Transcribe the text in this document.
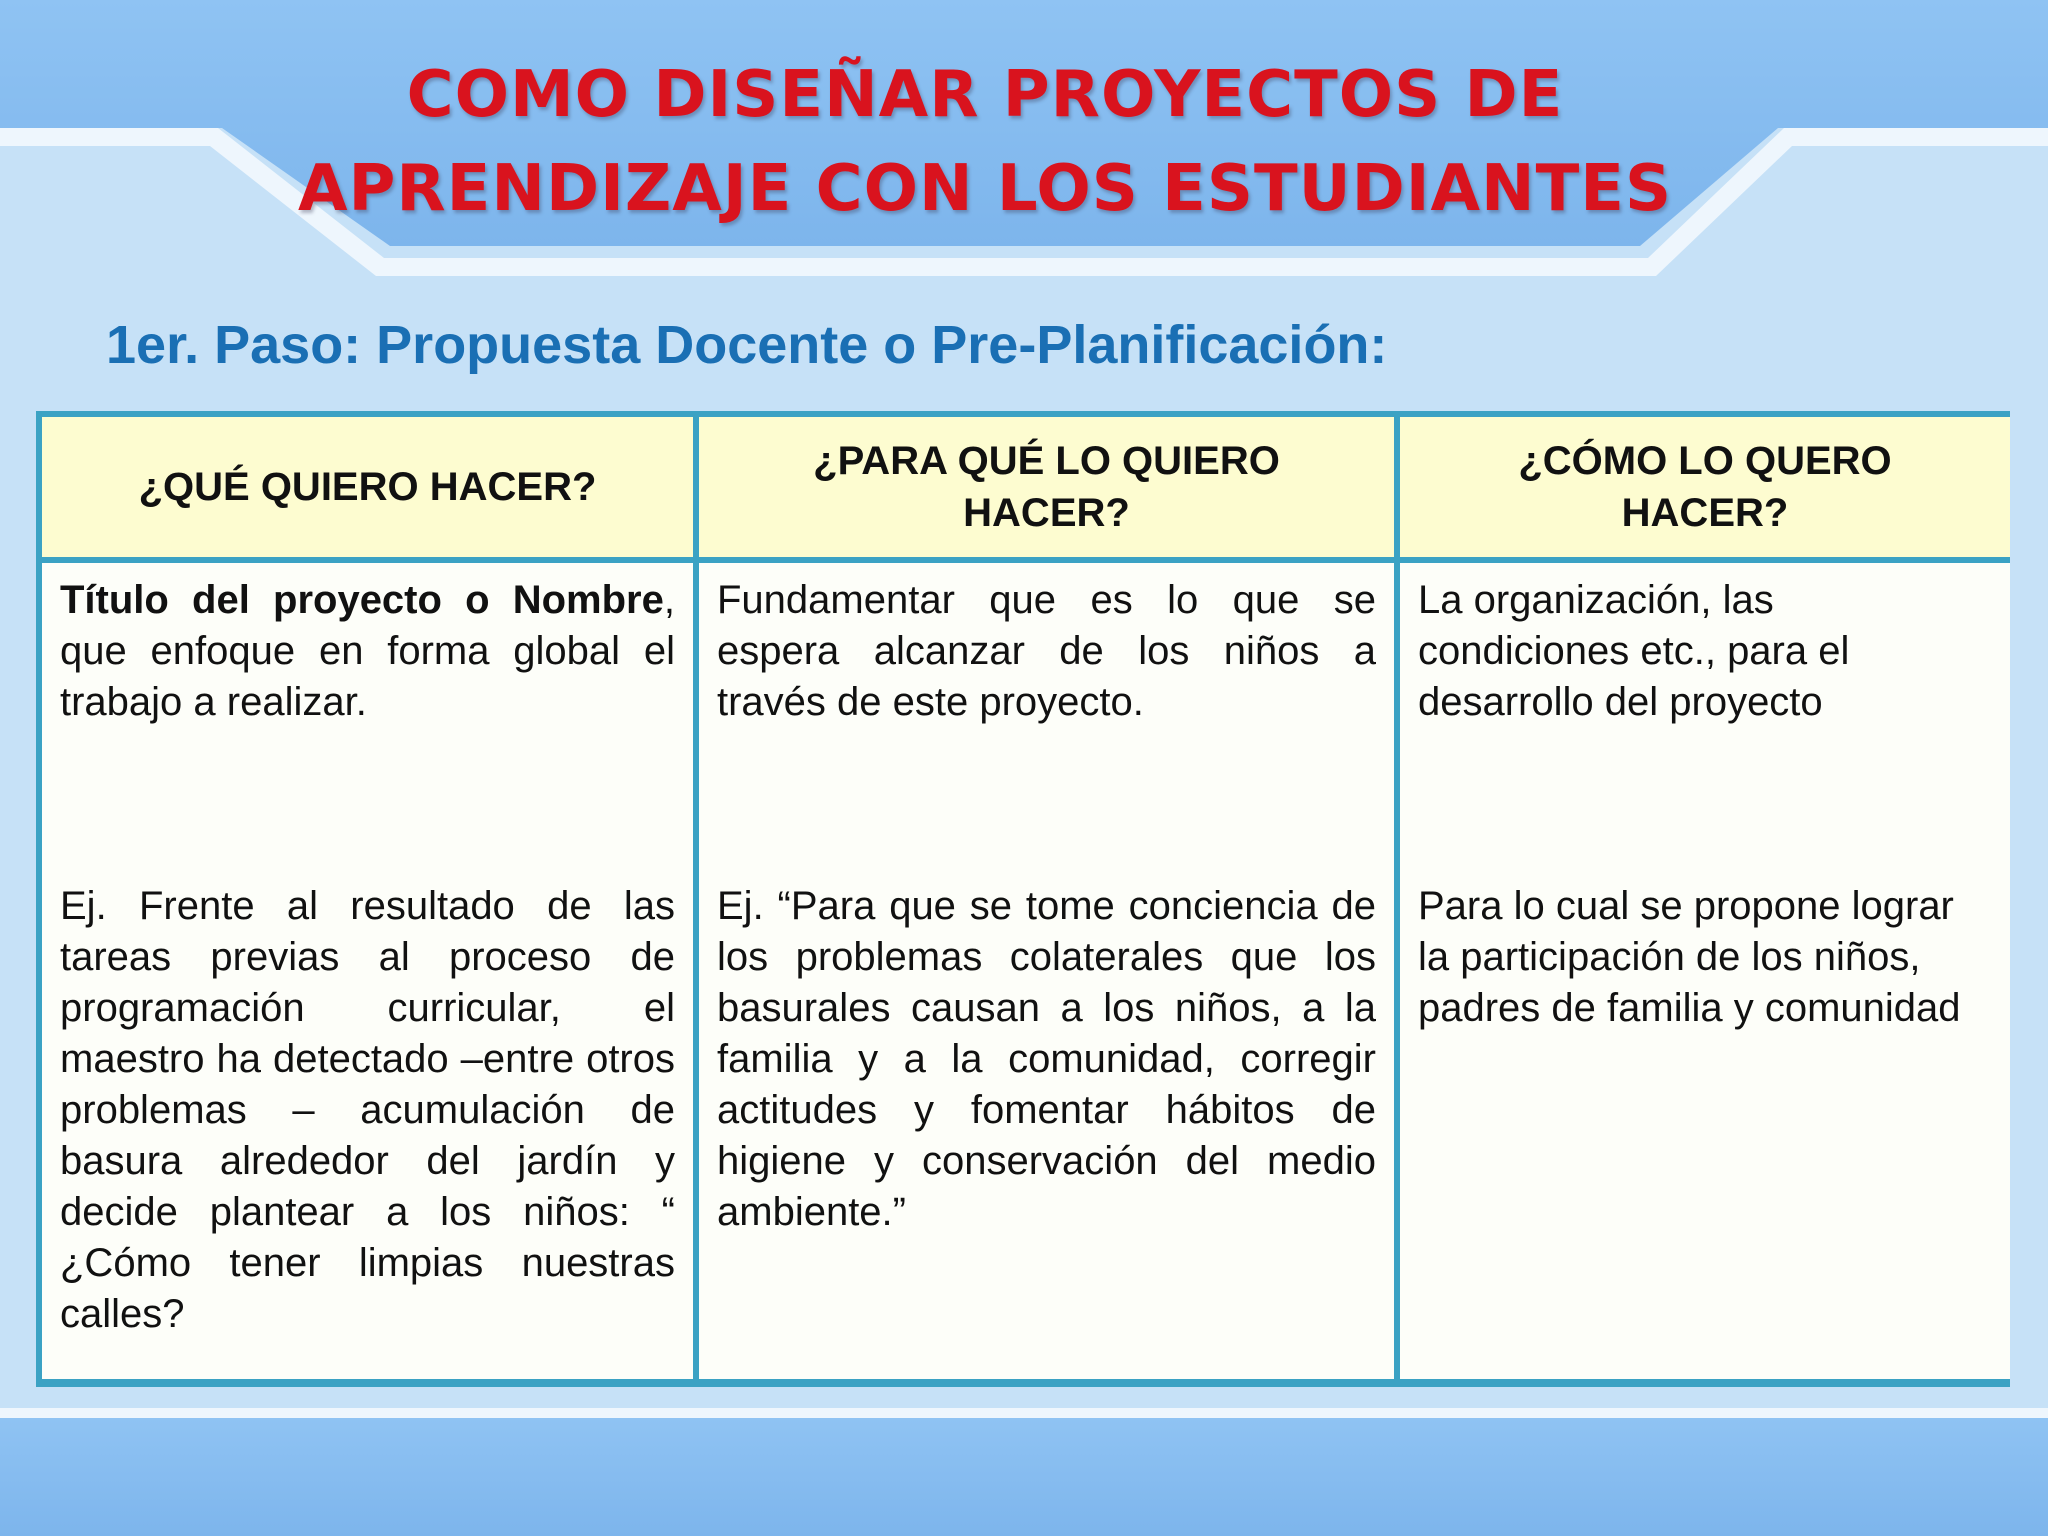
COMO DISEÑAR PROYECTOS DE
APRENDIZAJE CON LOS ESTUDIANTES
1er. Paso: Propuesta Docente o Pre-Planificación:
¿QUÉ QUIERO HACER?
¿PARA QUÉ LO QUIERO
HACER?
¿CÓMO LO QUERO
HACER?

Título del proyecto o Nombre, que enfoque en forma global el trabajo a realizar.

Ej. Frente al resultado de las tareas previas al proceso de programación curricular, el maestro ha detectado –entre otros problemas – acumulación de basura alrededor del jardín y decide plantear a los niños: “ ¿Cómo tener limpias nuestras calles?

Fundamentar que es lo que se espera alcanzar de los niños a través de este proyecto.

Ej. “Para que se tome conciencia de los problemas colaterales que los basurales causan a los niños, a la familia y a la comunidad, corregir actitudes y fomentar hábitos de higiene y conservación del medio ambiente.”

La organización, las condiciones etc., para el desarrollo del proyecto

Para lo cual se propone lograr la participación de los niños, padres de familia y comunidad
